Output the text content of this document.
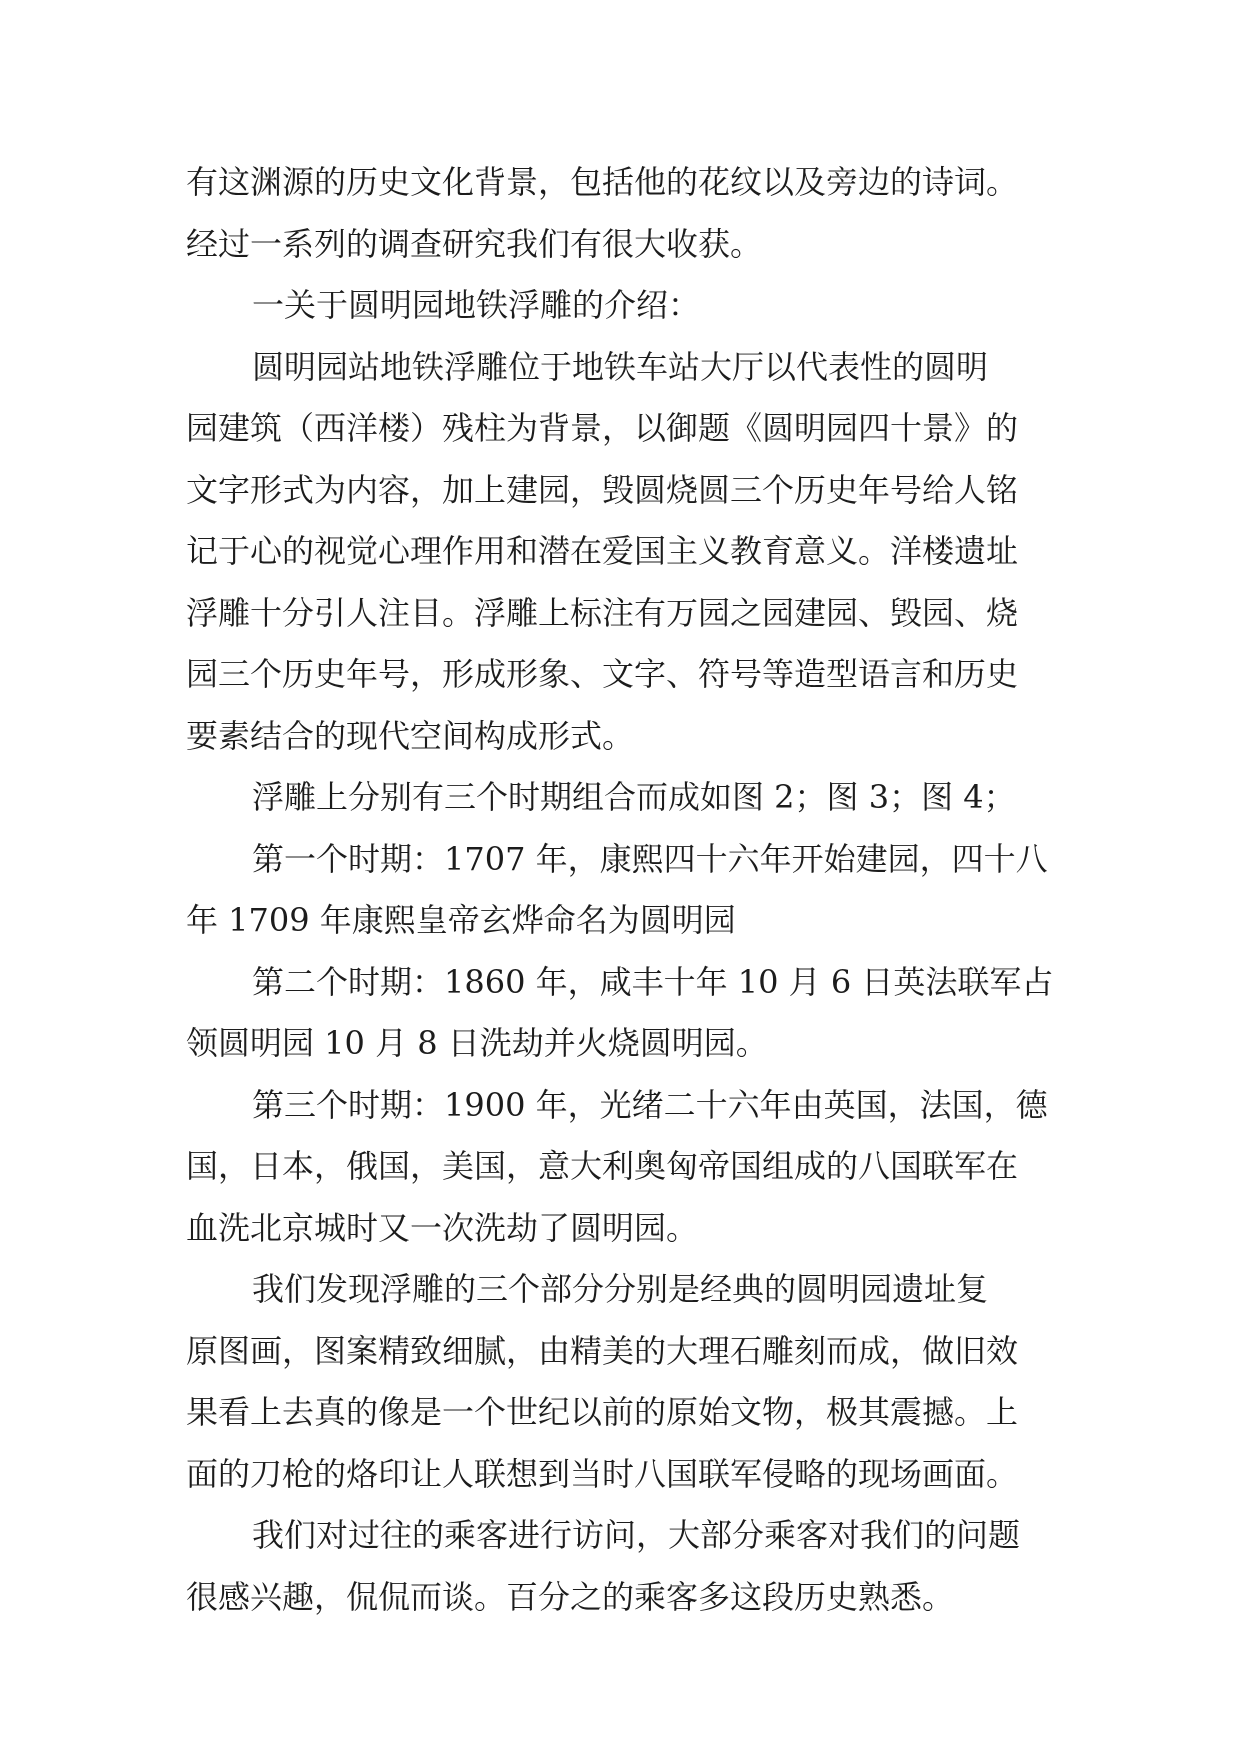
有这渊源的历史文化背景，包括他的花纹以及旁边的诗词。
经过一系列的调查研究我们有很大收获。
一关于圆明园地铁浮雕的介绍：
圆明园站地铁浮雕位于地铁车站大厅以代表性的圆明
园建筑（西洋楼）残柱为背景，以御题《圆明园四十景》的
文字形式为内容，加上建园，毁圆烧圆三个历史年号给人铭
记于心的视觉心理作用和潜在爱国主义教育意义。洋楼遗址
浮雕十分引人注目。浮雕上标注有万园之园建园、毁园、烧
园三个历史年号，形成形象、文字、符号等造型语言和历史
要素结合的现代空间构成形式。
浮雕上分别有三个时期组合而成如图 2；图 3；图 4；
第一个时期：1707 年，康熙四十六年开始建园，四十八
年 1709 年康熙皇帝玄烨命名为圆明园
第二个时期：1860 年，咸丰十年 10 月 6 日英法联军占
领圆明园 10 月 8 日洗劫并火烧圆明园。
第三个时期：1900 年，光绪二十六年由英国，法国，德
国，日本，俄国，美国，意大利奥匈帝国组成的八国联军在
血洗北京城时又一次洗劫了圆明园。
我们发现浮雕的三个部分分别是经典的圆明园遗址复
原图画，图案精致细腻，由精美的大理石雕刻而成，做旧效
果看上去真的像是一个世纪以前的原始文物，极其震撼。上
面的刀枪的烙印让人联想到当时八国联军侵略的现场画面。
我们对过往的乘客进行访问，大部分乘客对我们的问题
很感兴趣，侃侃而谈。百分之的乘客多这段历史熟悉。
